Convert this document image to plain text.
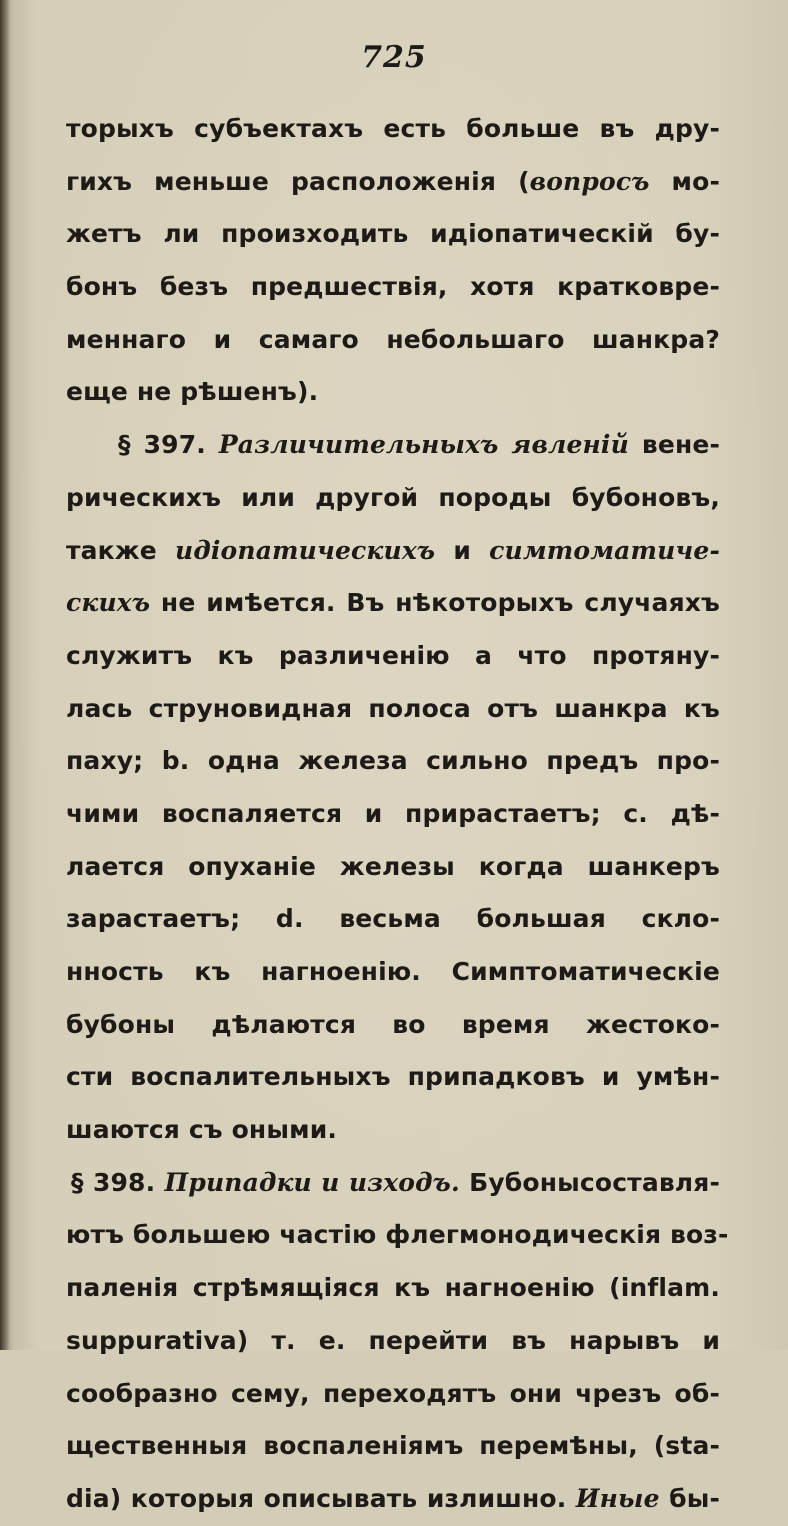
725
торыхъ субъектахъ есть больше въ дру-
гихъ меньше расположенія (вопросъ мо-
жетъ ли произходить идіопатическій бу-
бонъ безъ предшествія, хотя кратковре-
меннаго и самаго небольшаго шанкра?
еще не рѣшенъ).
§ 397. Различительныхъ явленій вене-
рическихъ или другой породы бубоновъ,
также идіопатическихъ и симтоматиче-
скихъ не имѣется. Въ нѣкоторыхъ случаяхъ
служитъ къ различенію a что протяну-
лась струновидная полоса отъ шанкра къ
паху; b. одна железа сильно предъ про-
чими воспаляется и прирастаетъ; c. дѣ-
лается опуханіе железы когда шанкеръ
зарастаетъ; d. весьма большая скло-
нность къ нагноенію. Симптоматическіе
бубоны дѣлаются во время жестоко-
сти воспалительныхъ припадковъ и умѣн-
шаются съ оными.
§ 398. Припадки и изходъ. Бубонысоставля-
ютъ большею частію флегмонодическія воз-
паленія стрѣмящіяся къ нагноенію (inflam.
suppurativa) т. е. перейти въ нарывъ и
сообразно сему, переходятъ они чрезъ об-
щественныя воспаленіямъ перемѣны, (sta-
dia) которыя описывать излишно. Иные бы-
